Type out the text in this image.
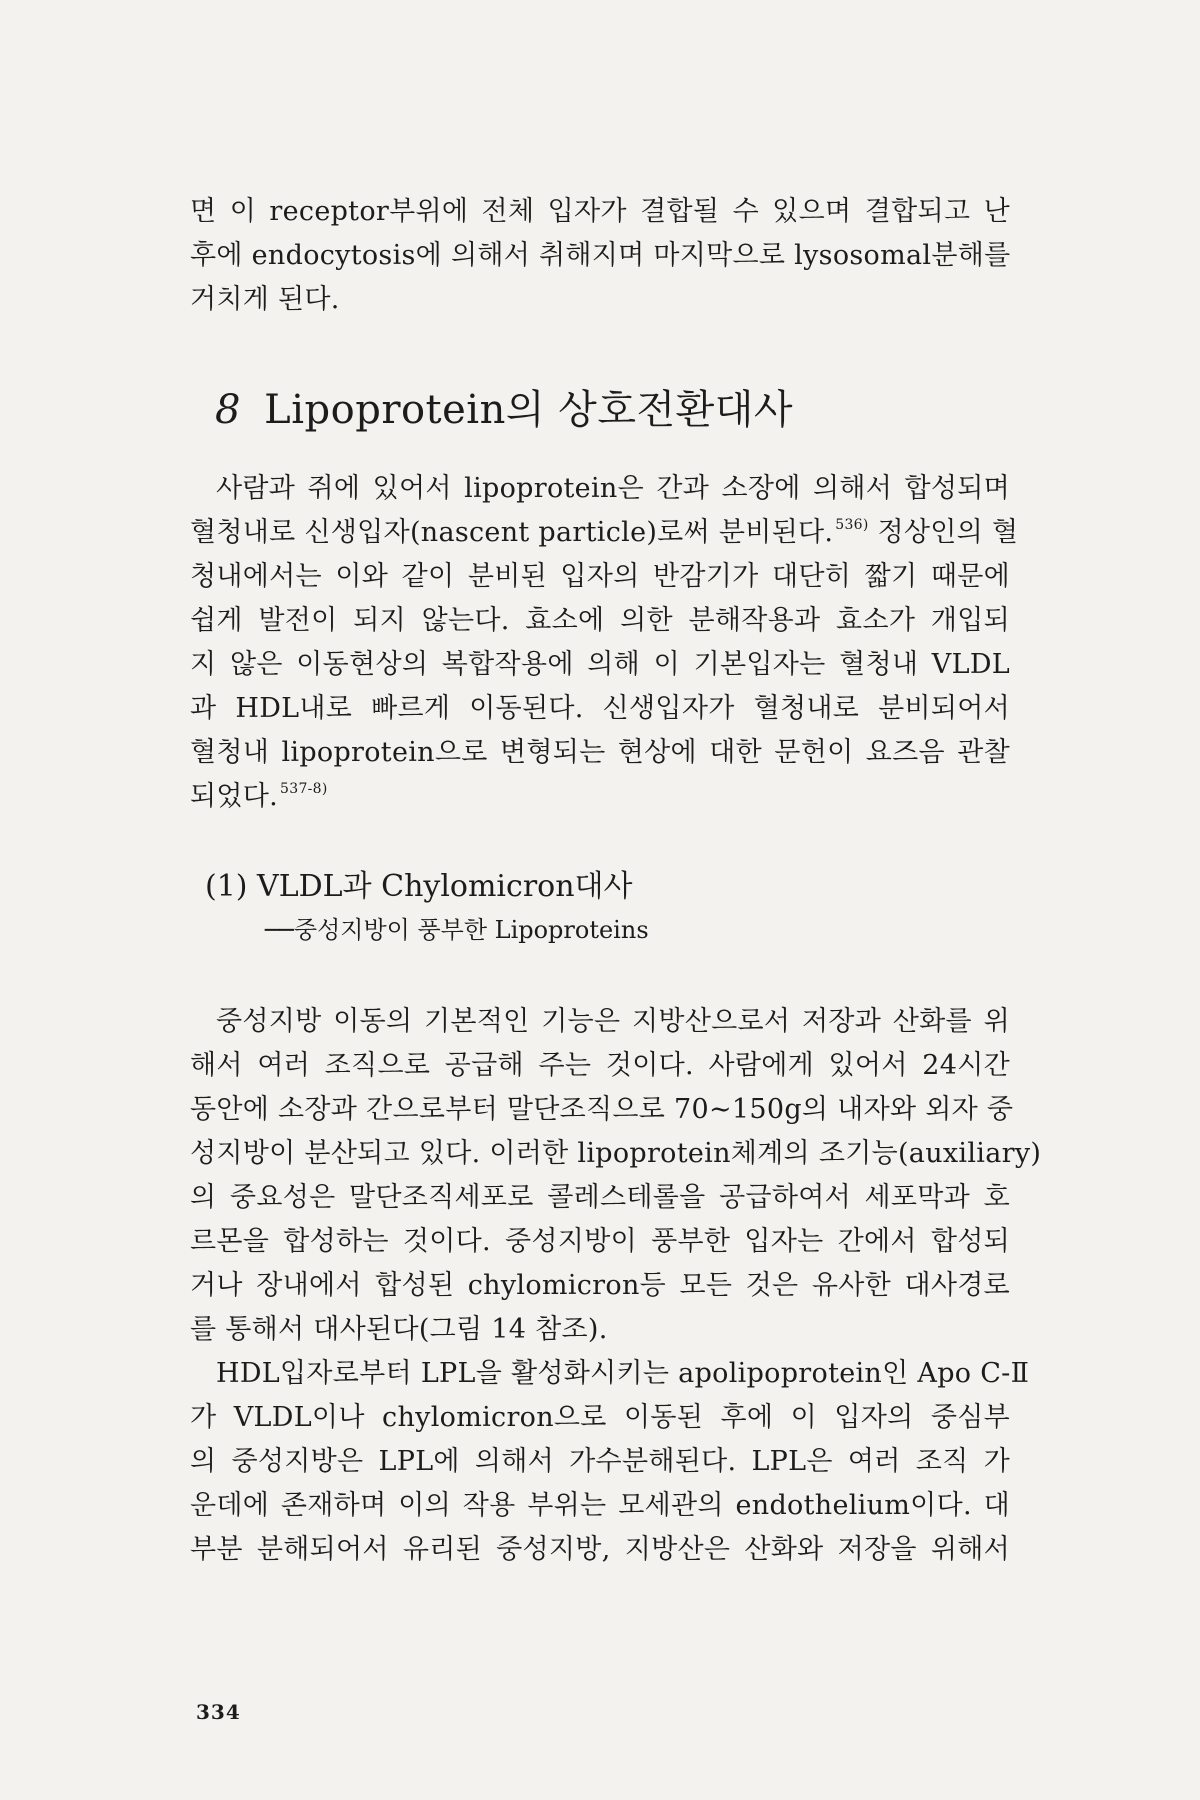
면 이 receptor부위에 전체 입자가 결합될 수 있으며 결합되고 난
후에 endocytosis에 의해서 취해지며 마지막으로 lysosomal분해를
거치게 된다.
8 Lipoprotein의 상호전환대사
사람과 쥐에 있어서 lipoprotein은 간과 소장에 의해서 합성되며
혈청내로 신생입자(nascent particle)로써 분비된다. $^{536)}$ 정상인의 혈
청내에서는 이와 같이 분비된 입자의 반감기가 대단히 짧기 때문에
쉽게 발전이 되지 않는다. 효소에 의한 분해작용과 효소가 개입되
지 않은 이동현상의 복합작용에 의해 이 기본입자는 혈청내 VLDL
과 HDL내로 빠르게 이동된다. 신생입자가 혈청내로 분비되어서
혈청내 lipoprotein으로 변형되는 현상에 대한 문헌이 요즈음 관찰
되었다. $^{537-8)}$
(1) VLDL과 Chylomicron대사
──중성지방이 풍부한 Lipoproteins
중성지방 이동의 기본적인 기능은 지방산으로서 저장과 산화를 위
해서 여러 조직으로 공급해 주는 것이다. 사람에게 있어서 24시간
동안에 소장과 간으로부터 말단조직으로 70∼150g의 내자와 외자 중
성지방이 분산되고 있다. 이러한 lipoprotein체계의 조기능(auxiliary)
의 중요성은 말단조직세포로 콜레스테롤을 공급하여서 세포막과 호
르몬을 합성하는 것이다. 중성지방이 풍부한 입자는 간에서 합성되
거나 장내에서 합성된 chylomicron등 모든 것은 유사한 대사경로
를 통해서 대사된다(그림 14 참조).
HDL입자로부터 LPL을 활성화시키는 apolipoprotein인 Apo C-Ⅱ
가 VLDL이나 chylomicron으로 이동된 후에 이 입자의 중심부
의 중성지방은 LPL에 의해서 가수분해된다. LPL은 여러 조직 가
운데에 존재하며 이의 작용 부위는 모세관의 endothelium이다. 대
부분 분해되어서 유리된 중성지방, 지방산은 산화와 저장을 위해서
334
